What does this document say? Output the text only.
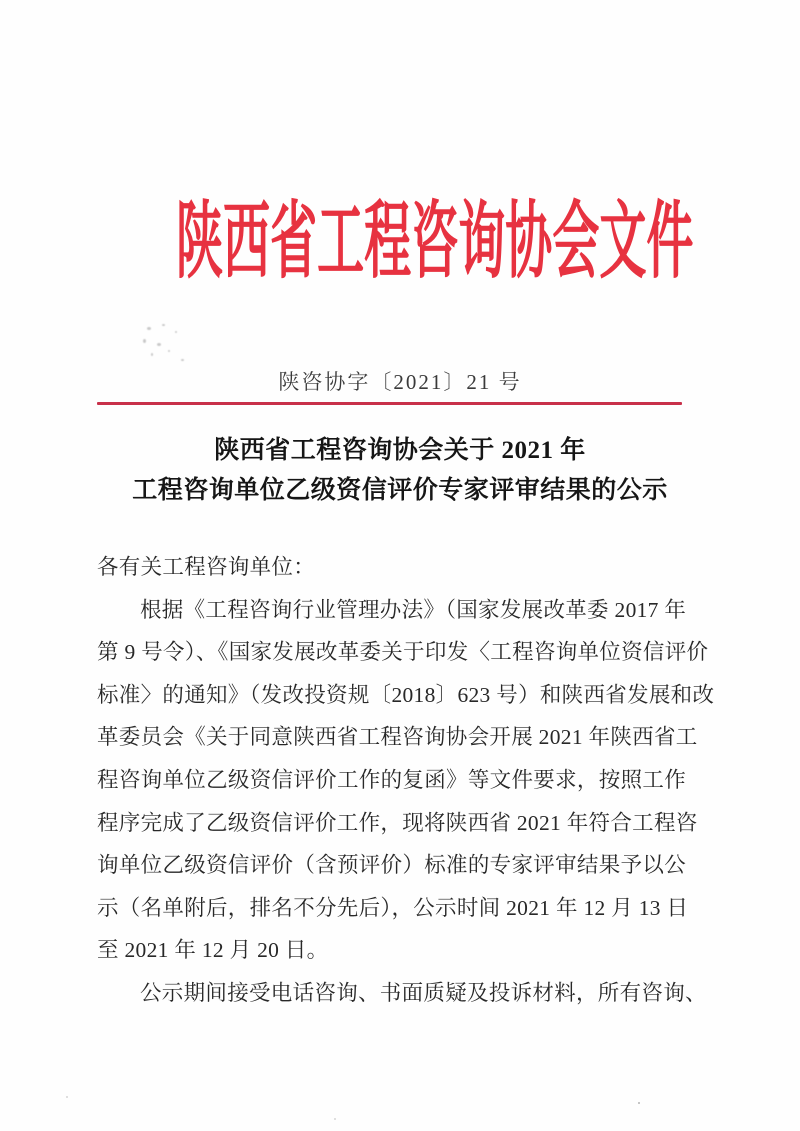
陕西省工程咨询协会文件
陕咨协字〔2021〕21 号
陕西省工程咨询协会关于 2021 年
工程咨询单位乙级资信评价专家评审结果的公示
各有关工程咨询单位：
根据《工程咨询行业管理办法》（国家发展改革委 2017 年
第 9 号令）、《国家发展改革委关于印发〈工程咨询单位资信评价
标准〉的通知》（发改投资规〔2018〕623 号）和陕西省发展和改
革委员会《关于同意陕西省工程咨询协会开展 2021 年陕西省工
程咨询单位乙级资信评价工作的复函》等文件要求，按照工作
程序完成了乙级资信评价工作，现将陕西省 2021 年符合工程咨
询单位乙级资信评价（含预评价）标准的专家评审结果予以公
示（名单附后，排名不分先后），公示时间 2021 年 12 月 13 日
至 2021 年 12 月 20 日。
公示期间接受电话咨询、书面质疑及投诉材料，所有咨询、
